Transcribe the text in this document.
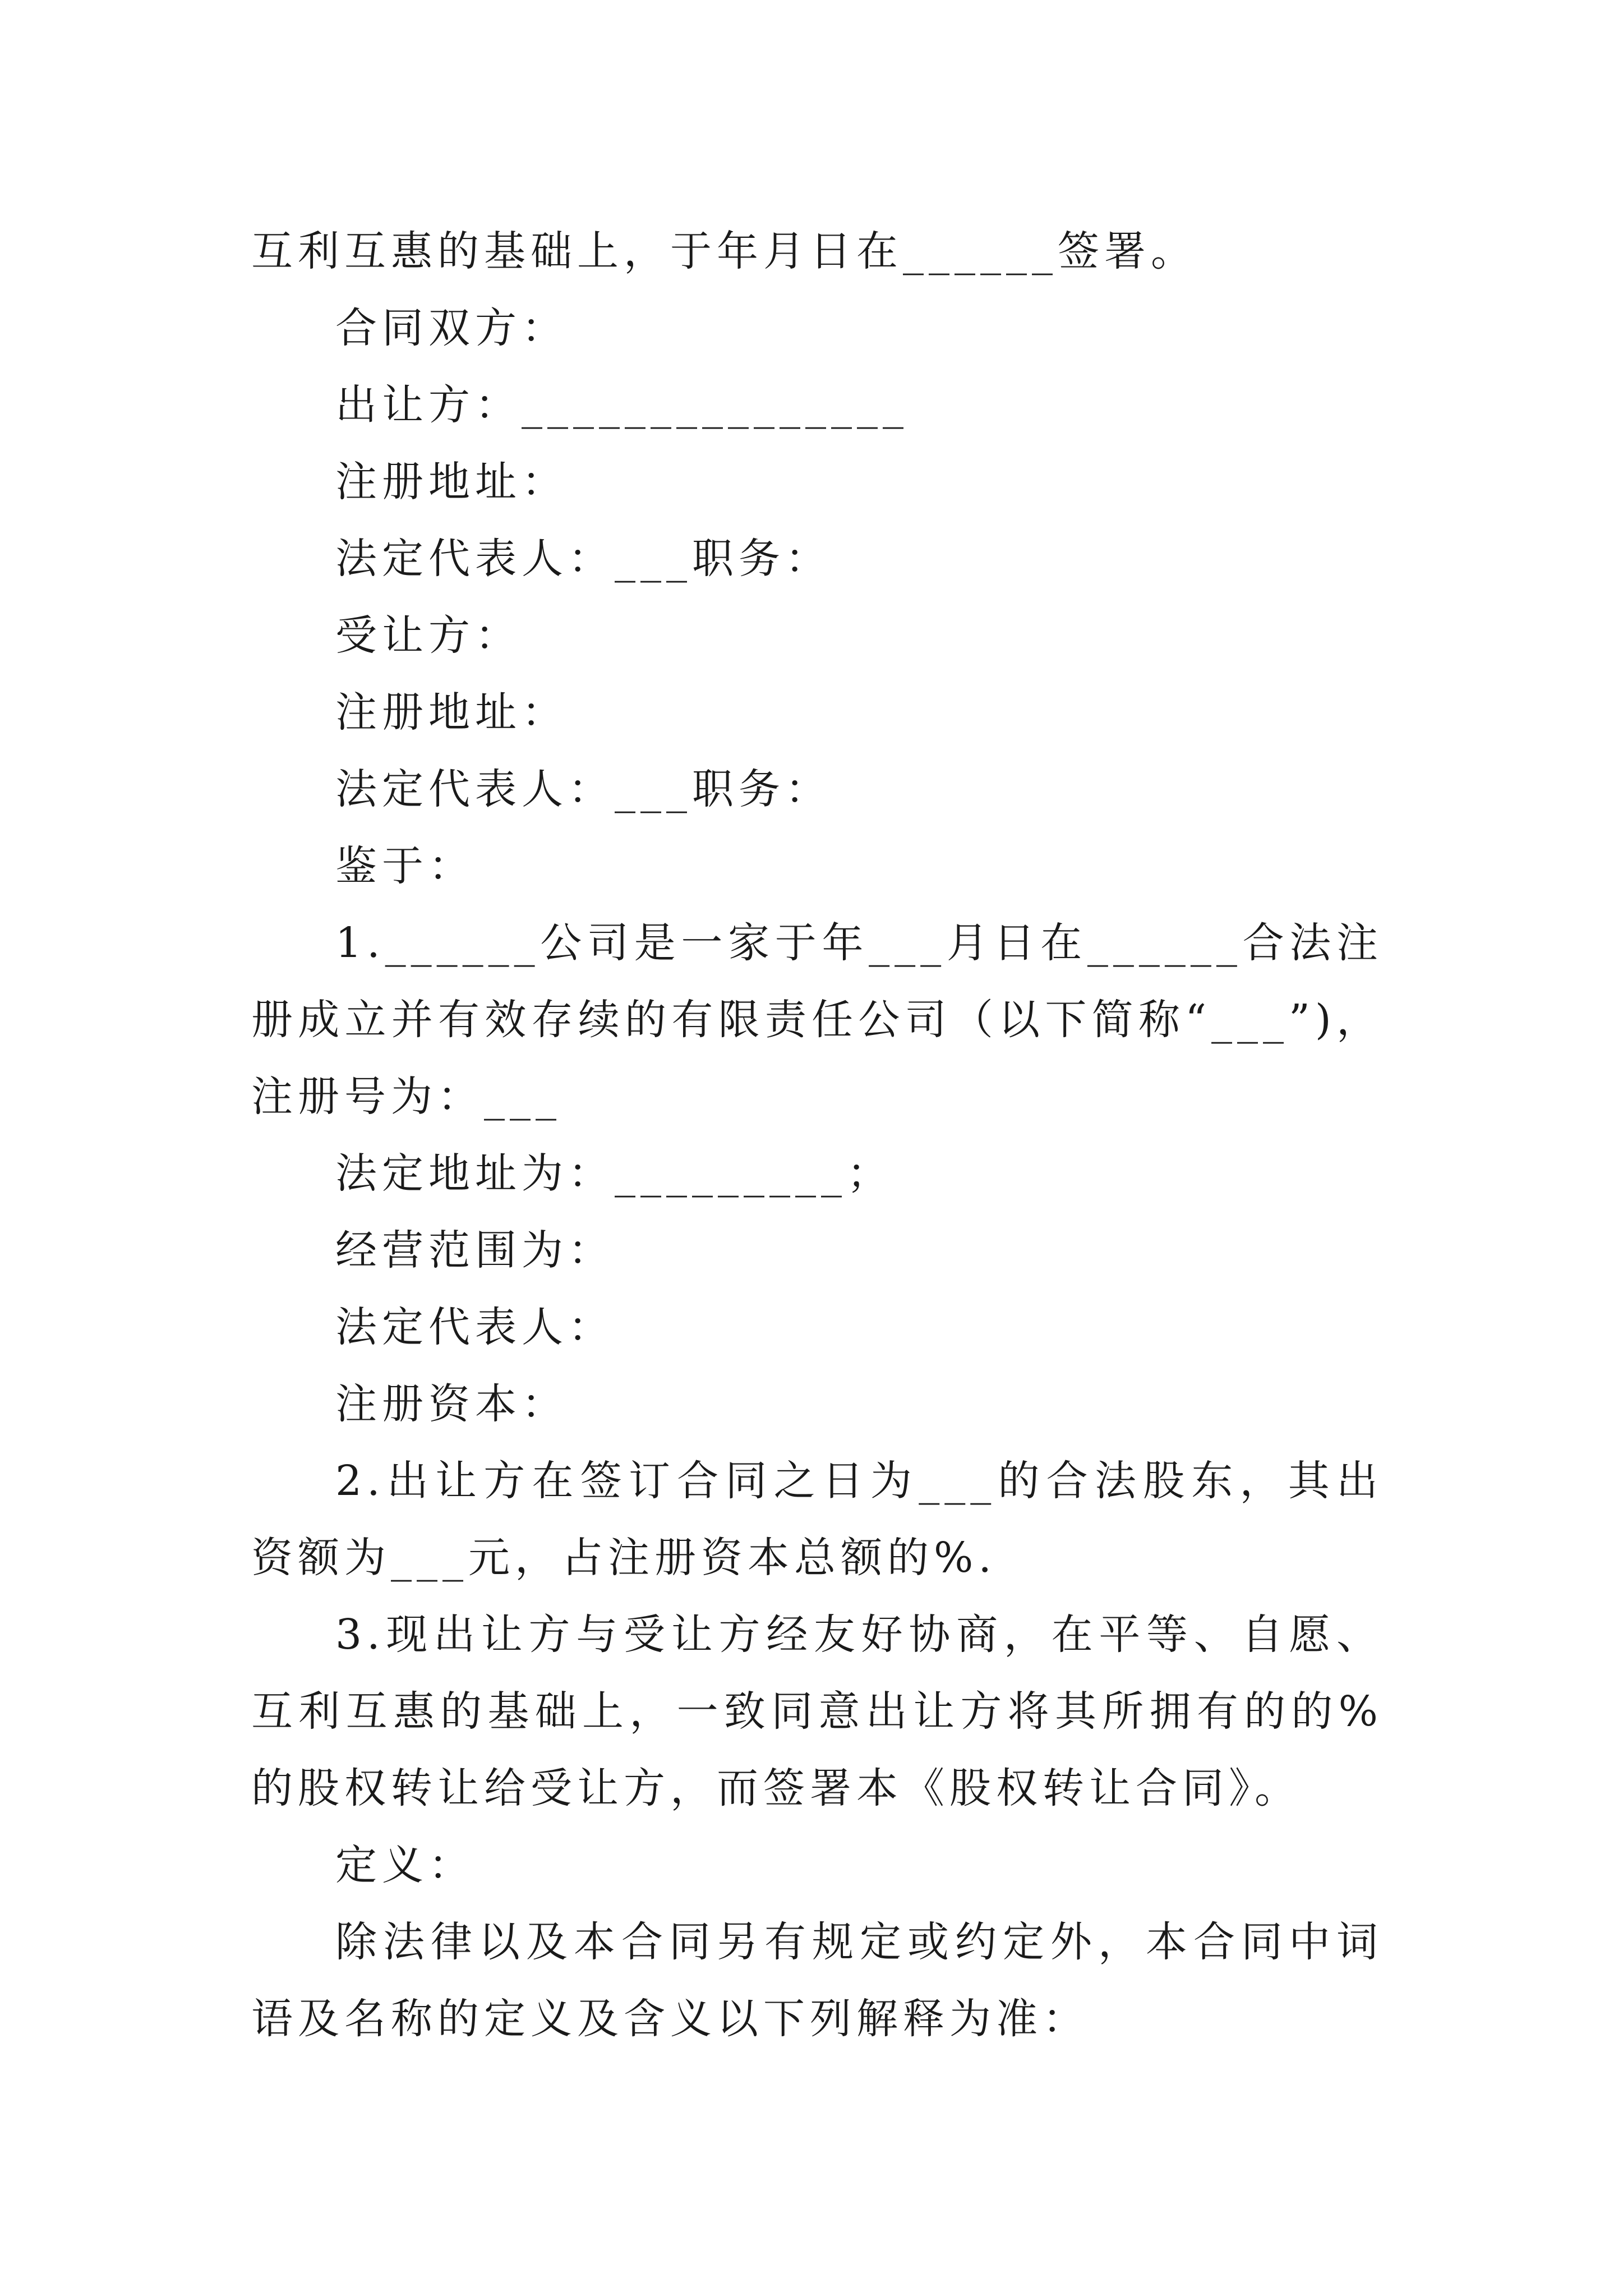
互利互惠的基础上，于年月日在______签署。

合同双方：

出让方：_______________

注册地址：

法定代表人：___职务：

受让方：

注册地址：

法定代表人：___职务：

鉴于：

1.______公司是一家于年___月日在______合法注册成立并有效存续的有限责任公司（以下简称“___”)，注册号为：___

法定地址为：_________；

经营范围为：

法定代表人：

注册资本：

2.出让方在签订合同之日为___的合法股东，其出资额为___元，占注册资本总额的%.

3.现出让方与受让方经友好协商，在平等、自愿、互利互惠的基础上，一致同意出让方将其所拥有的的%的股权转让给受让方，而签署本《股权转让合同》。

定义：

除法律以及本合同另有规定或约定外，本合同中词语及名称的定义及含义以下列解释为准：
